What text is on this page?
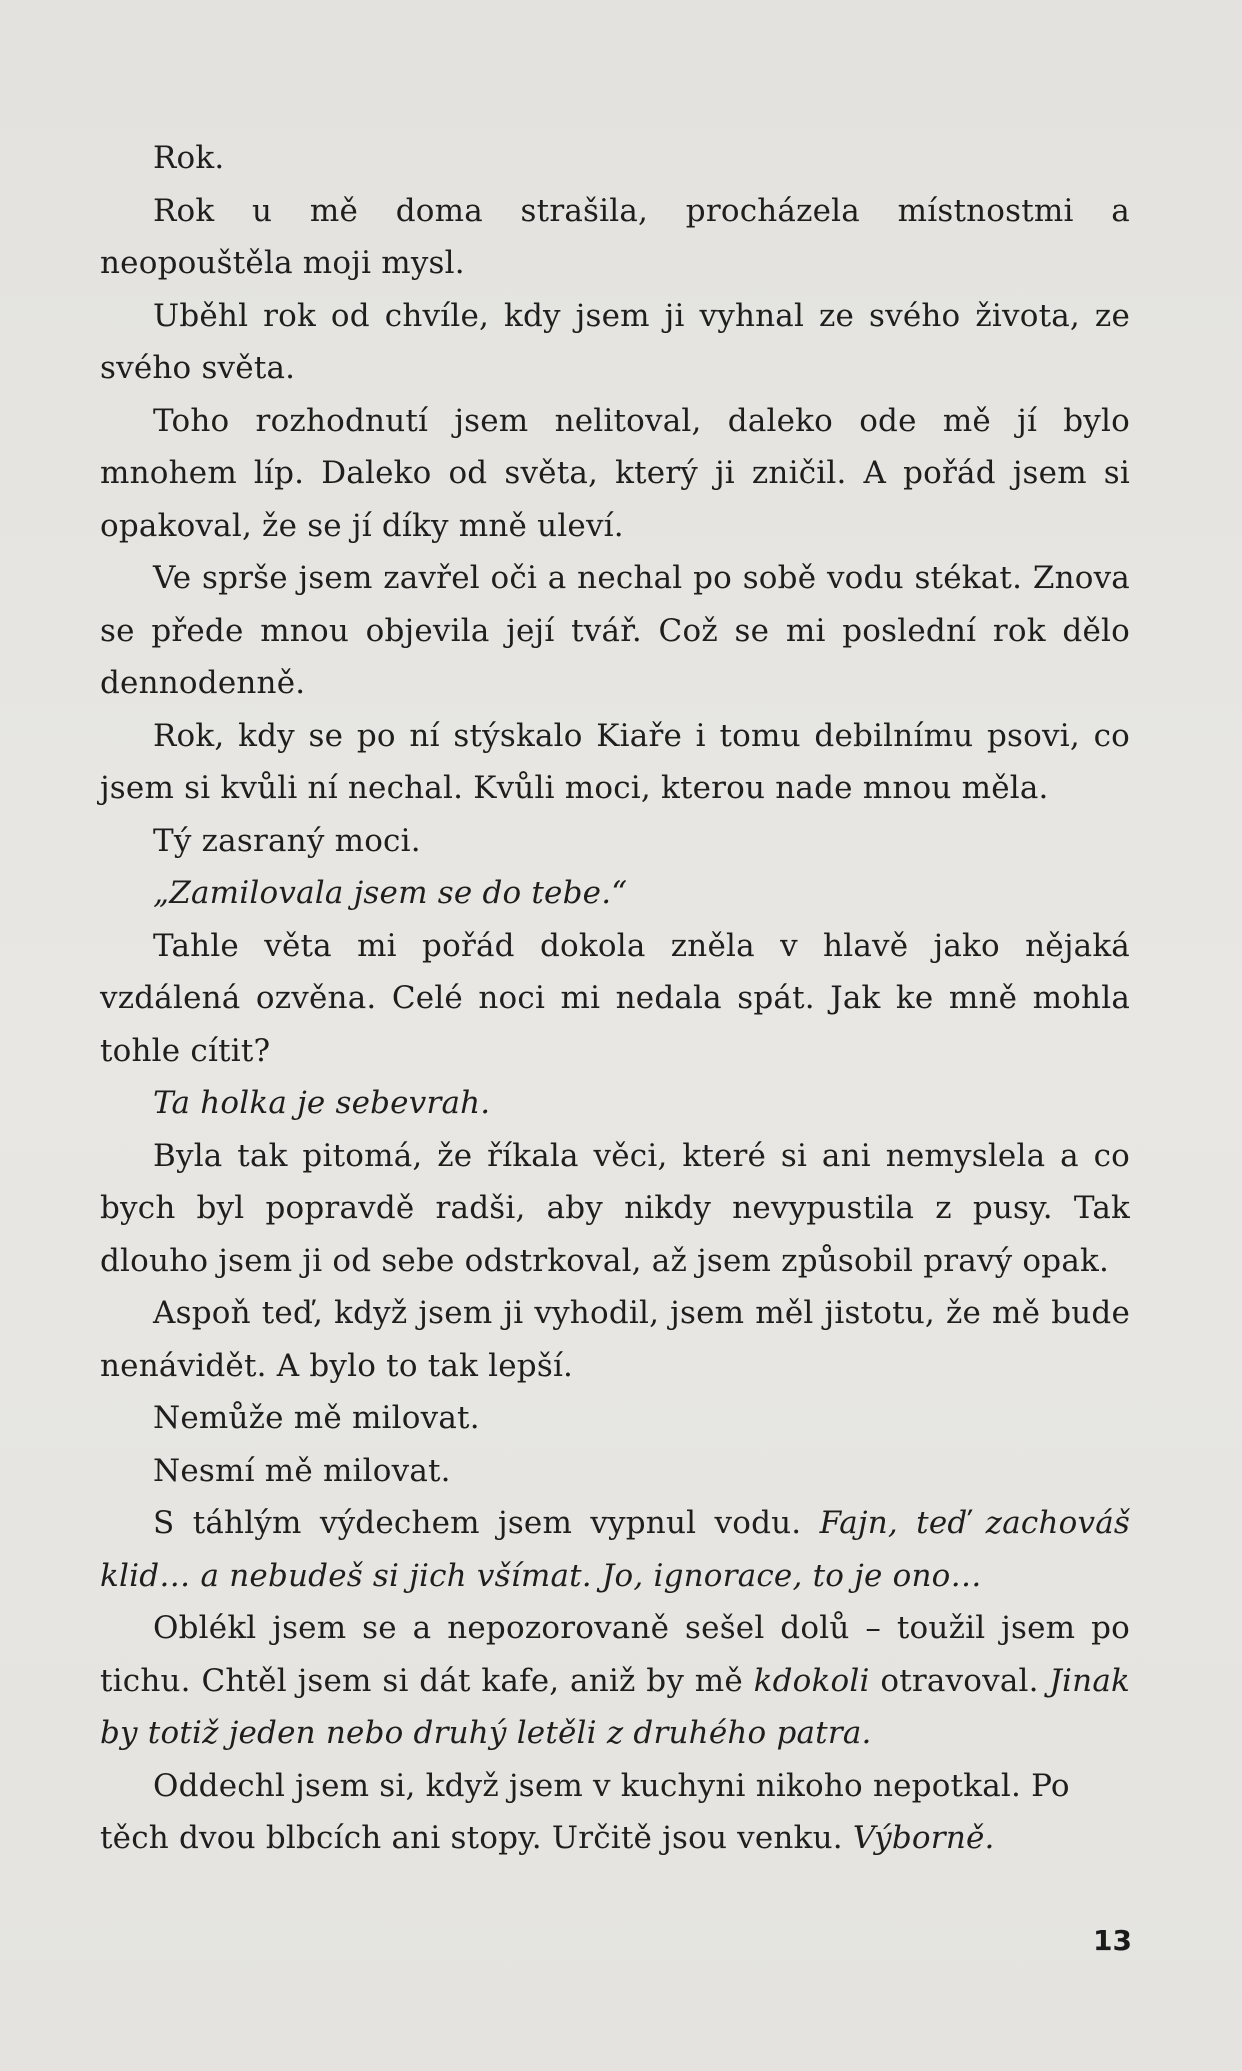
Rok.

Rok u mě doma strašila, procházela místnostmi a neopouštěla moji mysl.

Uběhl rok od chvíle, kdy jsem ji vyhnal ze svého života, ze svého světa.

Toho rozhodnutí jsem nelitoval, daleko ode mě jí bylo mnohem líp. Daleko od světa, který ji zničil. A pořád jsem si opakoval, že se jí díky mně uleví.

Ve sprše jsem zavřel oči a nechal po sobě vodu stékat. Znova se přede mnou objevila její tvář. Což se mi poslední rok dělo dennodenně.

Rok, kdy se po ní stýskalo Kiaře i tomu debilnímu psovi, co jsem si kvůli ní nechal. Kvůli moci, kterou nade mnou měla.

Tý zasraný moci.

„Zamilovala jsem se do tebe.“

Tahle věta mi pořád dokola zněla v hlavě jako nějaká vzdálená ozvěna. Celé noci mi nedala spát. Jak ke mně mohla tohle cítit?

Ta holka je sebevrah.

Byla tak pitomá, že říkala věci, které si ani nemyslela a co bych byl popravdě radši, aby nikdy nevypustila z pusy. Tak dlouho jsem ji od sebe odstrkoval, až jsem způsobil pravý opak.

Aspoň teď, když jsem ji vyhodil, jsem měl jistotu, že mě bude nenávidět. A bylo to tak lepší.

Nemůže mě milovat.

Nesmí mě milovat.

S táhlým výdechem jsem vypnul vodu. Fajn, teď zachováš klid… a nebudeš si jich všímat. Jo, ignorace, to je ono…

Oblékl jsem se a nepozorovaně sešel dolů – toužil jsem po tichu. Chtěl jsem si dát kafe, aniž by mě kdokoli otravoval. Jinak by totiž jeden nebo druhý letěli z druhého patra.

Oddechl jsem si, když jsem v kuchyni nikoho nepotkal. Po těch dvou blbcích ani stopy. Určitě jsou venku. Výborně.

13
